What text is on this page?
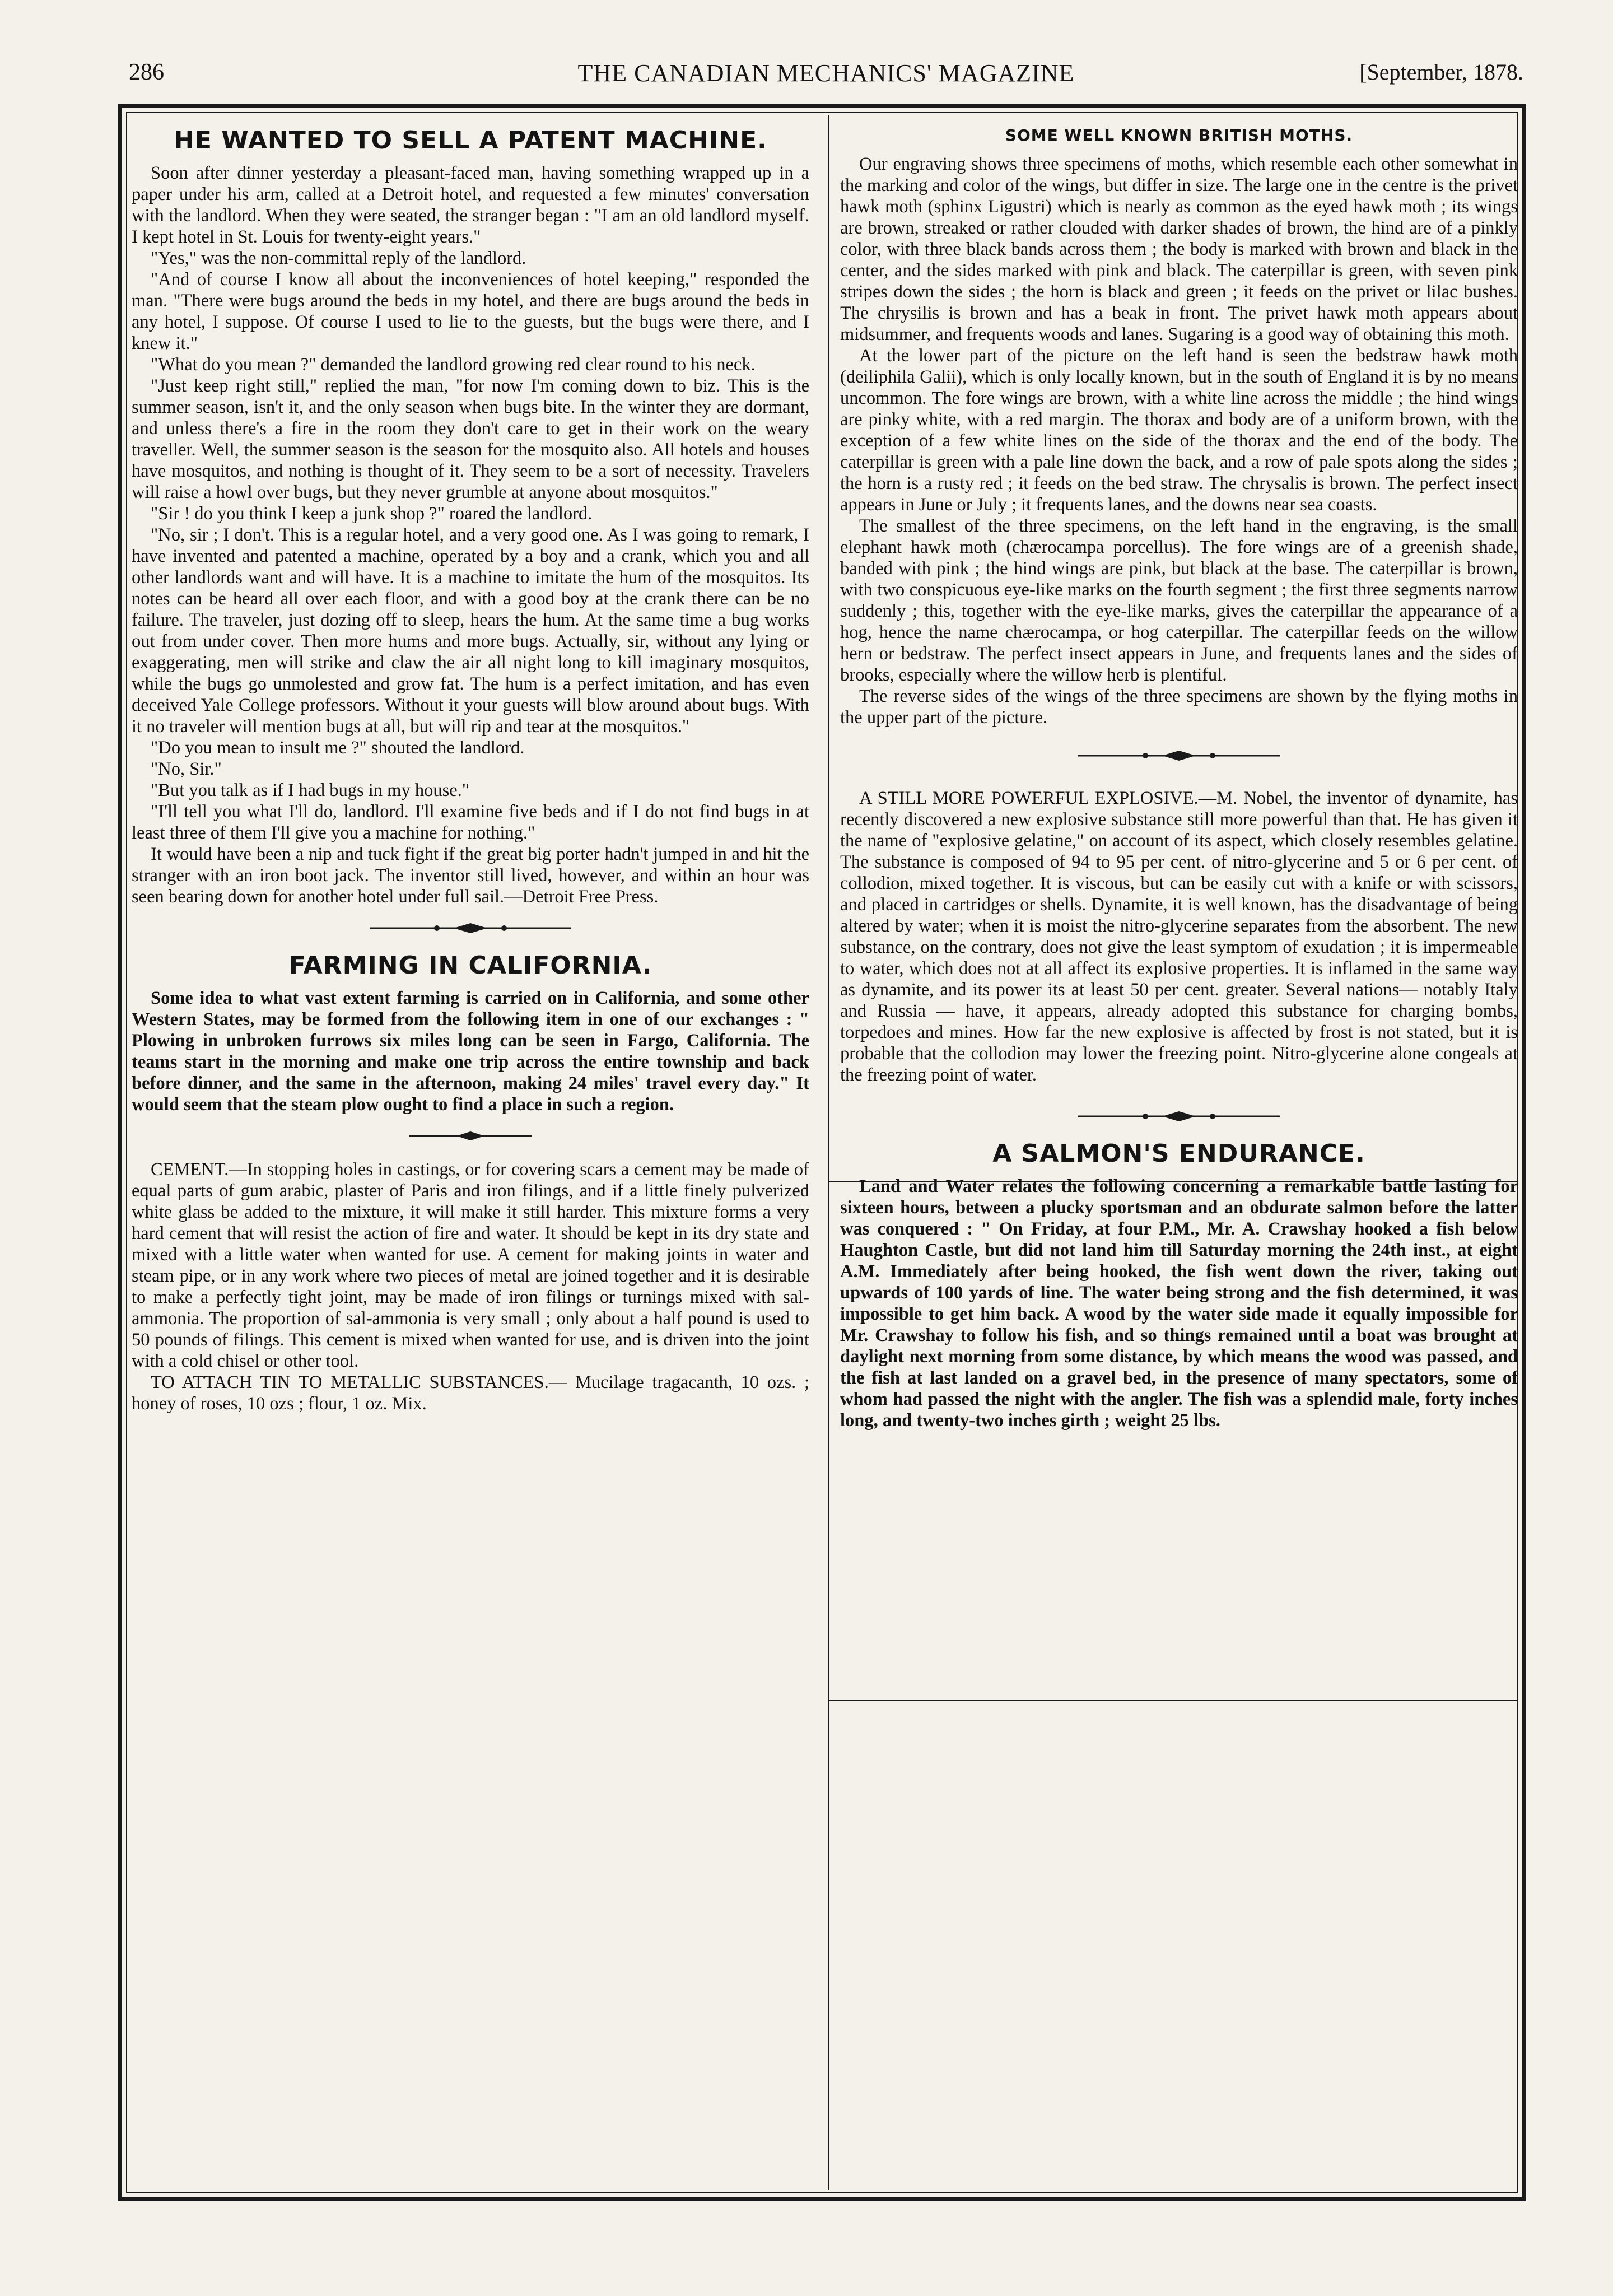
286	THE CANADIAN MECHANICS' MAGAZINE	[September, 1878.
HE WANTED TO SELL A PATENT MACHINE.

Soon after dinner yesterday a pleasant-faced man, having something wrapped up in a paper under his arm, called at a Detroit hotel, and requested a few minutes' conversation with the landlord. When they were seated, the stranger began : "I am an old landlord myself. I kept hotel in St. Louis for twenty-eight years."

"Yes," was the non-committal reply of the landlord.

"And of course I know all about the inconveniences of hotel keeping," responded the man. "There were bugs around the beds in my hotel, and there are bugs around the beds in any hotel, I suppose. Of course I used to lie to the guests, but the bugs were there, and I knew it."

"What do you mean ?" demanded the landlord growing red clear round to his neck.

"Just keep right still," replied the man, "for now I'm coming down to biz. This is the summer season, isn't it, and the only season when bugs bite. In the winter they are dormant, and unless there's a fire in the room they don't care to get in their work on the weary traveller. Well, the summer season is the season for the mosquito also. All hotels and houses have mosquitos, and nothing is thought of it. They seem to be a sort of necessity. Travelers will raise a howl over bugs, but they never grumble at anyone about mosquitos."

"Sir ! do you think I keep a junk shop ?" roared the landlord.

"No, sir ; I don't. This is a regular hotel, and a very good one. As I was going to remark, I have invented and patented a machine, operated by a boy and a crank, which you and all other landlords want and will have. It is a machine to imitate the hum of the mosquitos. Its notes can be heard all over each floor, and with a good boy at the crank there can be no failure. The traveler, just dozing off to sleep, hears the hum. At the same time a bug works out from under cover. Then more hums and more bugs. Actually, sir, without any lying or exaggerating, men will strike and claw the air all night long to kill imaginary mosquitos, while the bugs go unmolested and grow fat. The hum is a perfect imitation, and has even deceived Yale College professors. Without it your guests will blow around about bugs. With it no traveler will mention bugs at all, but will rip and tear at the mosquitos."

"Do you mean to insult me ?" shouted the landlord.

"No, Sir."

"But you talk as if I had bugs in my house."

"I'll tell you what I'll do, landlord. I'll examine five beds and if I do not find bugs in at least three of them I'll give you a machine for nothing."

It would have been a nip and tuck fight if the great big porter hadn't jumped in and hit the stranger with an iron boot jack. The inventor still lived, however, and within an hour was seen bearing down for another hotel under full sail.—Detroit Free Press.

FARMING IN CALIFORNIA.

Some idea to what vast extent farming is carried on in California, and some other Western States, may be formed from the following item in one of our exchanges : " Plowing in unbroken furrows six miles long can be seen in Fargo, California. The teams start in the morning and make one trip across the entire township and back before dinner, and the same in the afternoon, making 24 miles' travel every day." It would seem that the steam plow ought to find a place in such a region.

CEMENT.—In stopping holes in castings, or for covering scars a cement may be made of equal parts of gum arabic, plaster of Paris and iron filings, and if a little finely pulverized white glass be added to the mixture, it will make it still harder. This mixture forms a very hard cement that will resist the action of fire and water. It should be kept in its dry state and mixed with a little water when wanted for use. A cement for making joints in water and steam pipe, or in any work where two pieces of metal are joined together and it is desirable to make a perfectly tight joint, may be made of iron filings or turnings mixed with sal-ammonia. The proportion of sal-ammonia is very small ; only about a half pound is used to 50 pounds of filings. This cement is mixed when wanted for use, and is driven into the joint with a cold chisel or other tool.

TO ATTACH TIN TO METALLIC SUBSTANCES.— Mucilage tragacanth, 10 ozs. ; honey of roses, 10 ozs ; flour, 1 oz. Mix.

SOME WELL KNOWN BRITISH MOTHS.

Our engraving shows three specimens of moths, which resemble each other somewhat in the marking and color of the wings, but differ in size. The large one in the centre is the privet hawk moth (sphinx Ligustri) which is nearly as common as the eyed hawk moth ; its wings are brown, streaked or rather clouded with darker shades of brown, the hind are of a pinkly color, with three black bands across them ; the body is marked with brown and black in the center, and the sides marked with pink and black. The caterpillar is green, with seven pink stripes down the sides ; the horn is black and green ; it feeds on the privet or lilac bushes. The chrysilis is brown and has a beak in front. The privet hawk moth appears about midsummer, and frequents woods and lanes. Sugaring is a good way of obtaining this moth.

At the lower part of the picture on the left hand is seen the bedstraw hawk moth (deiliphila Galii), which is only locally known, but in the south of England it is by no means uncommon. The fore wings are brown, with a white line across the middle ; the hind wings are pinky white, with a red margin. The thorax and body are of a uniform brown, with the exception of a few white lines on the side of the thorax and the end of the body. The caterpillar is green with a pale line down the back, and a row of pale spots along the sides ; the horn is a rusty red ; it feeds on the bed straw. The chrysalis is brown. The perfect insect appears in June or July ; it frequents lanes, and the downs near sea coasts.

The smallest of the three specimens, on the left hand in the engraving, is the small elephant hawk moth (chærocampa porcellus). The fore wings are of a greenish shade, banded with pink ; the hind wings are pink, but black at the base. The caterpillar is brown, with two conspicuous eye-like marks on the fourth segment ; the first three segments narrow suddenly ; this, together with the eye-like marks, gives the caterpillar the appearance of a hog, hence the name chærocampa, or hog caterpillar. The caterpillar feeds on the willow hern or bedstraw. The perfect insect appears in June, and frequents lanes and the sides of brooks, especially where the willow herb is plentiful.

The reverse sides of the wings of the three specimens are shown by the flying moths in the upper part of the picture.

A STILL MORE POWERFUL EXPLOSIVE.—M. Nobel, the inventor of dynamite, has recently discovered a new explosive substance still more powerful than that. He has given it the name of "explosive gelatine," on account of its aspect, which closely resembles gelatine. The substance is composed of 94 to 95 per cent. of nitro-glycerine and 5 or 6 per cent. of collodion, mixed together. It is viscous, but can be easily cut with a knife or with scissors, and placed in cartridges or shells. Dynamite, it is well known, has the disadvantage of being altered by water; when it is moist the nitro-glycerine separates from the absorbent. The new substance, on the contrary, does not give the least symptom of exudation ; it is impermeable to water, which does not at all affect its explosive properties. It is inflamed in the same way as dynamite, and its power its at least 50 per cent. greater. Several nations— notably Italy and Russia — have, it appears, already adopted this substance for charging bombs, torpedoes and mines. How far the new explosive is affected by frost is not stated, but it is probable that the collodion may lower the freezing point. Nitro-glycerine alone congeals at the freezing point of water.

A SALMON'S ENDURANCE.

Land and Water relates the following concerning a remarkable battle lasting for sixteen hours, between a plucky sportsman and an obdurate salmon before the latter was conquered : " On Friday, at four P.M., Mr. A. Crawshay hooked a fish below Haughton Castle, but did not land him till Saturday morning the 24th inst., at eight A.M. Immediately after being hooked, the fish went down the river, taking out upwards of 100 yards of line. The water being strong and the fish determined, it was impossible to get him back. A wood by the water side made it equally impossible for Mr. Crawshay to follow his fish, and so things remained until a boat was brought at daylight next morning from some distance, by which means the wood was passed, and the fish at last landed on a gravel bed, in the presence of many spectators, some of whom had passed the night with the angler. The fish was a splendid male, forty inches long, and twenty-two inches girth ; weight 25 lbs.
